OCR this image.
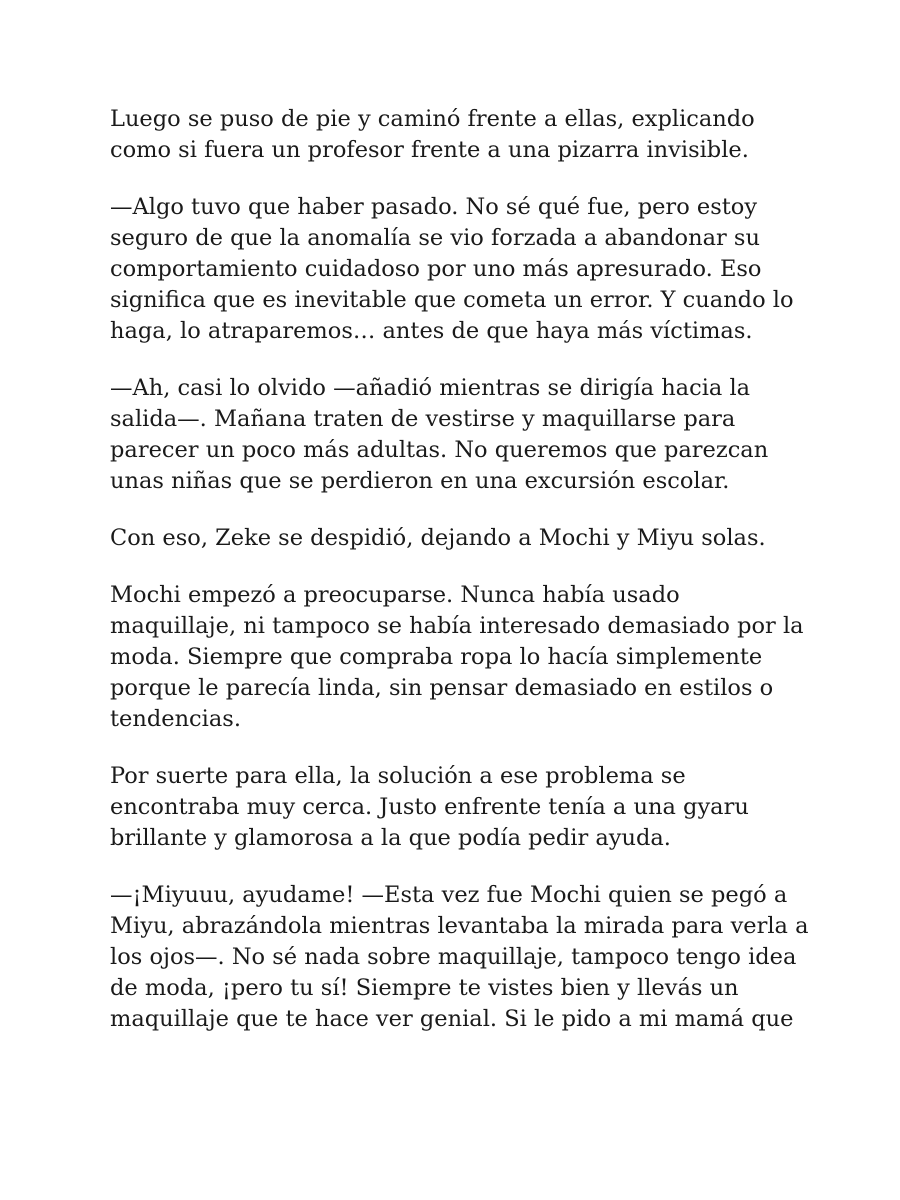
Luego se puso de pie y caminó frente a ellas, explicando
como si fuera un profesor frente a una pizarra invisible.

—Algo tuvo que haber pasado. No sé qué fue, pero estoy
seguro de que la anomalía se vio forzada a abandonar su
comportamiento cuidadoso por uno más apresurado. Eso
significa que es inevitable que cometa un error. Y cuando lo
haga, lo atraparemos… antes de que haya más víctimas.

—Ah, casi lo olvido —añadió mientras se dirigía hacia la
salida—. Mañana traten de vestirse y maquillarse para
parecer un poco más adultas. No queremos que parezcan
unas niñas que se perdieron en una excursión escolar.

Con eso, Zeke se despidió, dejando a Mochi y Miyu solas.

Mochi empezó a preocuparse. Nunca había usado
maquillaje, ni tampoco se había interesado demasiado por la
moda. Siempre que compraba ropa lo hacía simplemente
porque le parecía linda, sin pensar demasiado en estilos o
tendencias.

Por suerte para ella, la solución a ese problema se
encontraba muy cerca. Justo enfrente tenía a una gyaru
brillante y glamorosa a la que podía pedir ayuda.

—¡Miyuuu, ayudame! —Esta vez fue Mochi quien se pegó a
Miyu, abrazándola mientras levantaba la mirada para verla a
los ojos—. No sé nada sobre maquillaje, tampoco tengo idea
de moda, ¡pero tu sí! Siempre te vistes bien y llevás un
maquillaje que te hace ver genial. Si le pido a mi mamá que
